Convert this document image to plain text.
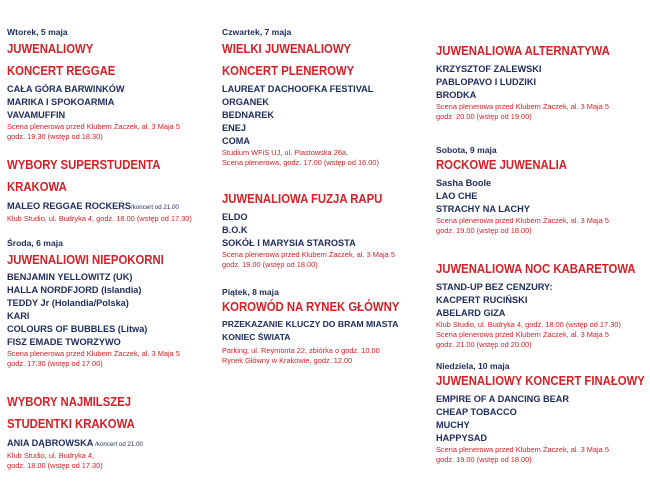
Wtorek, 5 maja

JUWENALIOWY

KONCERT REGGAE

CAŁA GÓRA BARWINKÓW

MARIKA I SPOKOARMIA

VAVAMUFFIN

Scena plenerowa przed Klubem Żaczek, al. 3 Maja 5

godz. 19.30 (wstęp od 18.30)

WYBORY SUPERSTUDENTA

KRAKOWA

MALEO REGGAE ROCKERS/koncert od 21.00

Klub Studio, ul. Budryka 4, godz. 18.00 (wstęp od 17.30)

Środa, 6 maja

JUWENALIOWI NIEPOKORNI

BENJAMIN YELLOWITZ (UK)

HALLA NORDFJORD (Islandia)

TEDDY Jr (Holandia/Polska)

KARI

COLOURS OF BUBBLES (Litwa)

FISZ EMADE TWORZYWO

Scena plenerowa przed Klubem Żaczek, al. 3 Maja 5

godz. 17.30 (wstęp od 17.00)

WYBORY NAJMILSZEJ

STUDENTKI KRAKOWA

ANIA DĄBROWSKA /koncert od 21.00

Klub Studio, ul. Budryka 4,

godz. 18.00 (wstęp od 17.30)

Czwartek, 7 maja

WIELKI JUWENALIOWY

KONCERT PLENEROWY

LAUREAT DACHOOFKA FESTIVAL

ORGANEK

BEDNAREK

ENEJ

COMA

Studium WFiS UJ, ul. Piastowska 26a,

Scena plenerowa, godz. 17.00 (wstęp od 16.00)

JUWENALIOWA FUZJA RAPU

ELDO

B.O.K

SOKÓŁ I MARYSIA STAROSTA

Scena plenerowa przed Klubem Żaczek, al. 3 Maja 5

godz. 19.00 (wstęp od 18.00)

Piątek, 8 maja

KOROWÓD NA RYNEK GŁÓWNY

PRZEKAZANIE KLUCZY DO BRAM MIASTA

KONIEC ŚWIATA

Parking, ul. Reymonta 22, zbiórka o godz. 10.00

Rynek Główny w Krakowie, godz. 12.00

JUWENALIOWA ALTERNATYWA

KRZYSZTOF ZALEWSKI

PABLOPAVO I LUDZIKI

BRODKA

Scena plenerowa przed Klubem Żaczek, al. 3 Maja 5

godz. 20.00 (wstęp od 19.00)

Sobota, 9 maja

ROCKOWE JUWENALIA

Sasha Boole

LAO CHE

STRACHY NA LACHY

Scena plenerowa przed Klubem Żaczek, al. 3 Maja 5

godz. 19.00 (wstęp od 18.00)

JUWENALIOWA NOC KABARETOWA

STAND-UP BEZ CENZURY:

KACPERT RUCIŃSKI

ABELARD GIZA

Klub Studio, ul. Budryka 4, godz. 18.00 (wstęp od 17.30)

Scena plenerowa przed Klubem Żaczek, al. 3 Maja 5

godz. 21.00 (wstęp od 20.00)

Niedziela, 10 maja

JUWENALIOWY KONCERT FINAŁOWY

EMPIRE OF A DANCING BEAR

CHEAP TOBACCO

MUCHY

HAPPYSAD

Scena plenerowa przed Klubem Żaczek, al. 3 Maja 5

godz. 19.00 (wstęp od 18.00)
